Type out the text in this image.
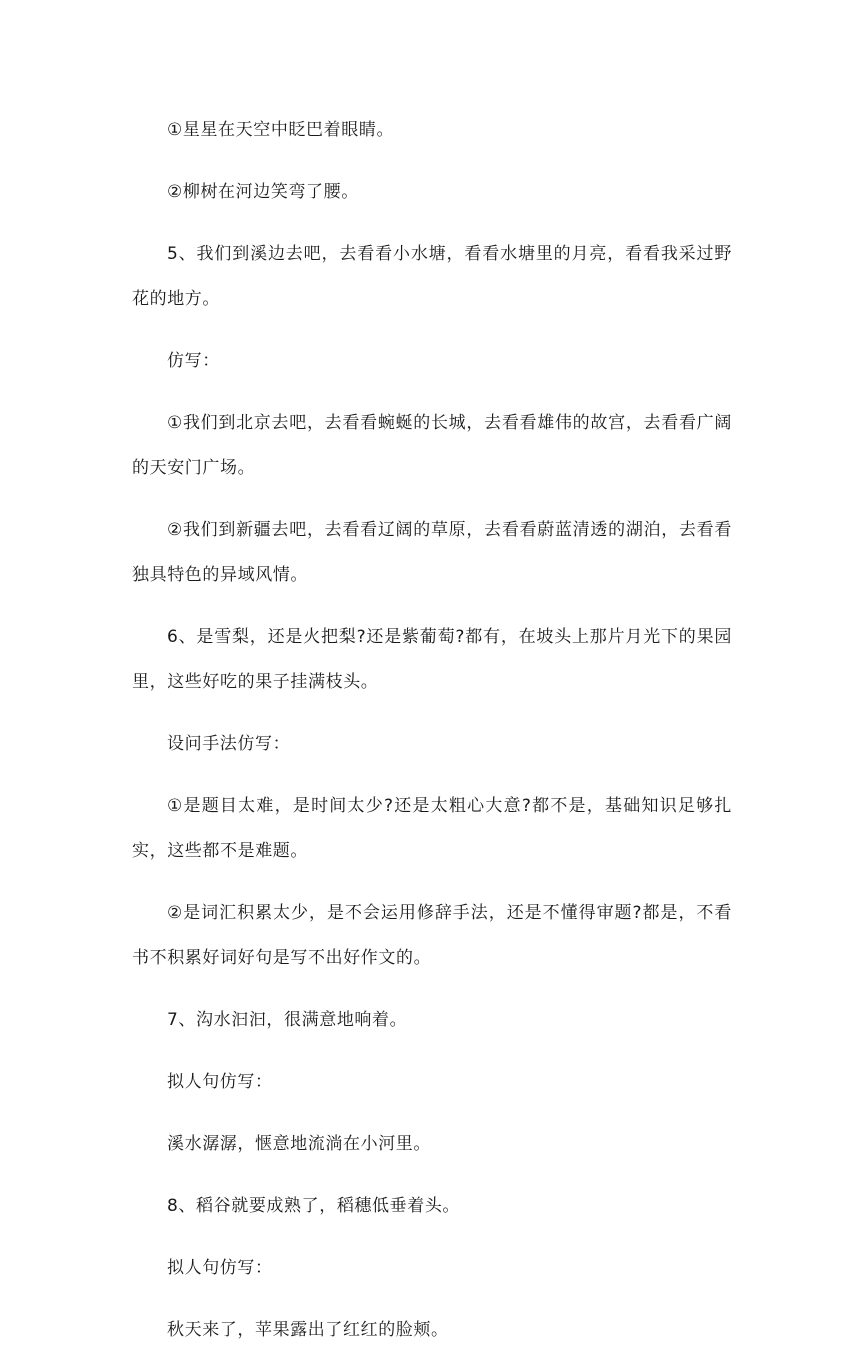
①星星在天空中眨巴着眼睛。

②柳树在河边笑弯了腰。

5、我们到溪边去吧，去看看小水塘，看看水塘里的月亮，看看我采过野花的地方。

仿写：

①我们到北京去吧，去看看蜿蜒的长城，去看看雄伟的故宫，去看看广阔的天安门广场。

②我们到新疆去吧，去看看辽阔的草原，去看看蔚蓝清透的湖泊，去看看独具特色的异域风情。

6、是雪梨，还是火把梨?还是紫葡萄?都有，在坡头上那片月光下的果园里，这些好吃的果子挂满枝头。

设问手法仿写：

①是题目太难，是时间太少?还是太粗心大意?都不是，基础知识足够扎实，这些都不是难题。

②是词汇积累太少，是不会运用修辞手法，还是不懂得审题?都是，不看书不积累好词好句是写不出好作文的。

7、沟水汩汩，很满意地响着。

拟人句仿写：

溪水潺潺，惬意地流淌在小河里。

8、稻谷就要成熟了，稻穗低垂着头。

拟人句仿写：

秋天来了，苹果露出了红红的脸颊。
